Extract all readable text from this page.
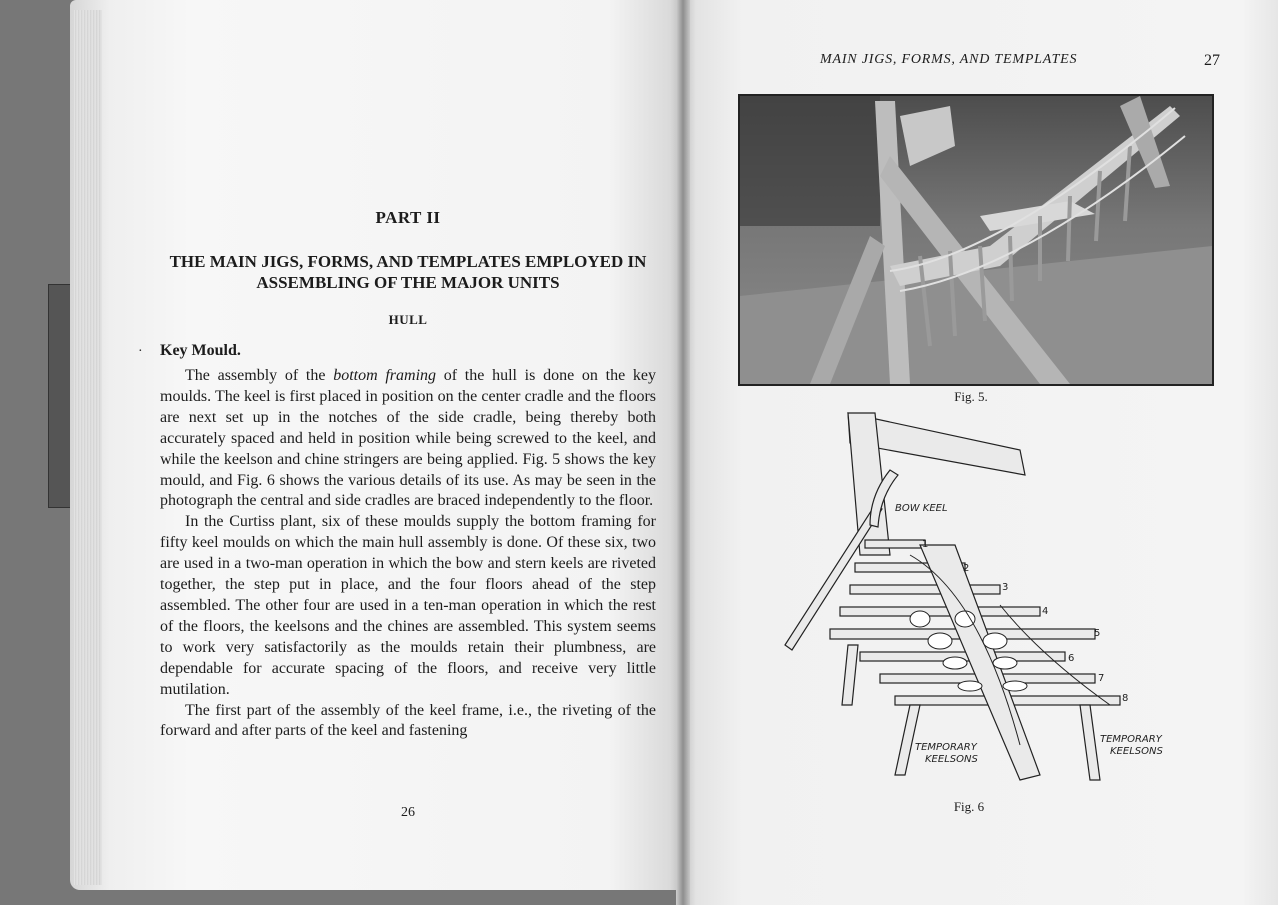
PART II
THE MAIN JIGS, FORMS, AND TEMPLATES EMPLOYED IN ASSEMBLING OF THE MAJOR UNITS
HULL
· Key Mould.

The assembly of the bottom framing of the hull is done on the key moulds. The keel is first placed in position on the center cradle and the floors are next set up in the notches of the side cradle, being thereby both accurately spaced and held in position while being screwed to the keel, and while the keelson and chine stringers are being applied. Fig. 5 shows the key mould, and Fig. 6 shows the various details of its use. As may be seen in the photograph the central and side cradles are braced independently to the floor.

In the Curtiss plant, six of these moulds supply the bottom framing for fifty keel moulds on which the main hull assembly is done. Of these six, two are used in a two-man operation in which the bow and stern keels are riveted together, the step put in place, and the four floors ahead of the step assembled. The other four are used in a ten-man operation in which the rest of the floors, the keelsons and the chines are assembled. This system seems to work very satisfactorily as the moulds retain their plumbness, are dependable for accurate spacing of the floors, and receive very little mutilation.

The first part of the assembly of the keel frame, i.e., the riveting of the forward and after parts of the keel and fastening

26
MAIN JIGS, FORMS, AND TEMPLATES	27
Fig. 5.
BOW KEEL
TEMPORARY
KEELSONS
TEMPORARY
KEELSONS
1
2
3
4
5
6
7
8
Fig. 6
